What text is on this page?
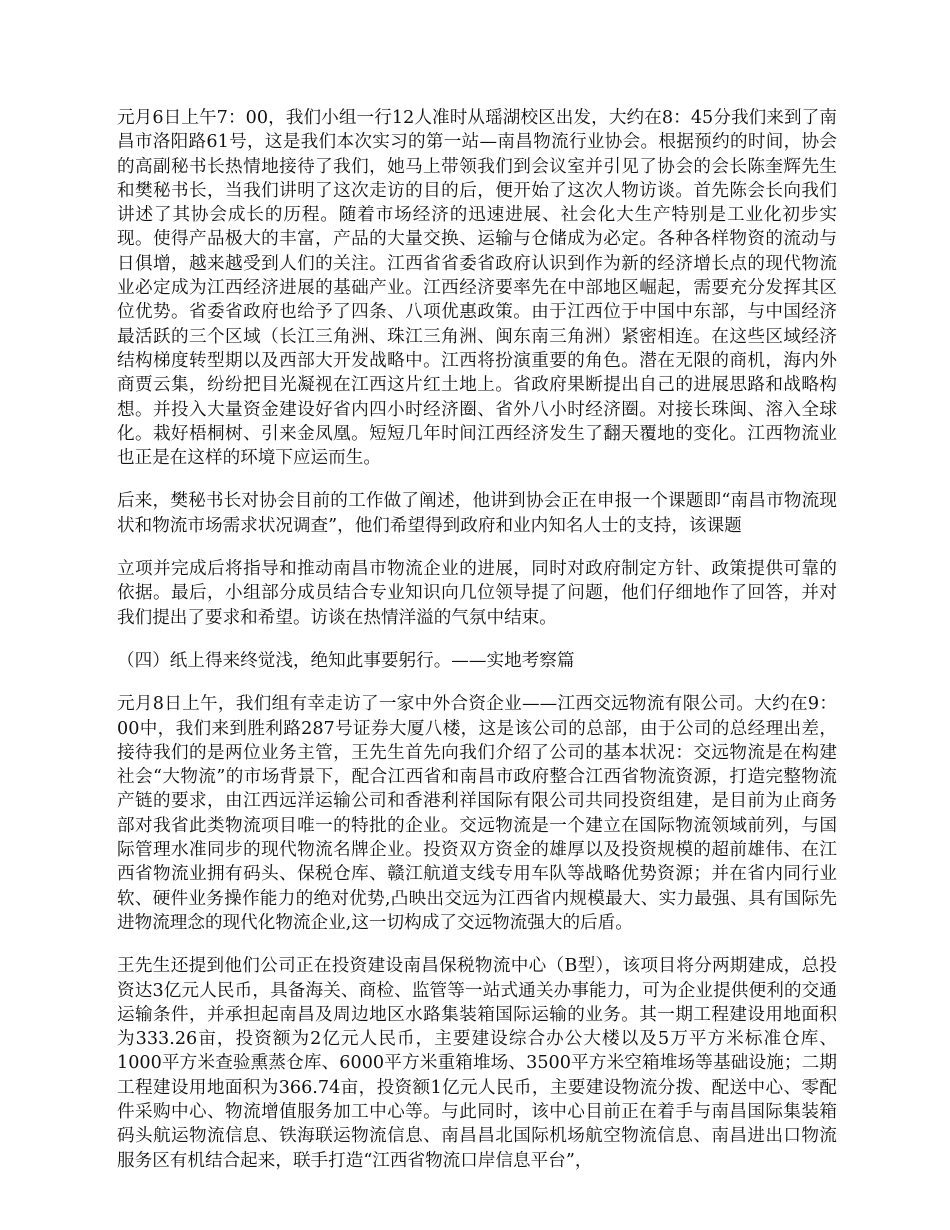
元月6日上午7：00，我们小组一行12人准时从瑶湖校区出发，大约在8：45分我们来到了南昌市洛阳路61号，这是我们本次实习的第一站—南昌物流行业协会。根据预约的时间，协会的高副秘书长热情地接待了我们，她马上带领我们到会议室并引见了协会的会长陈奎辉先生和樊秘书长，当我们讲明了这次走访的目的后，便开始了这次人物访谈。首先陈会长向我们讲述了其协会成长的历程。随着市场经济的迅速进展、社会化大生产特别是工业化初步实现。使得产品极大的丰富，产品的大量交换、运输与仓储成为必定。各种各样物资的流动与日俱增，越来越受到人们的关注。江西省省委省政府认识到作为新的经济增长点的现代物流业必定成为江西经济进展的基础产业。江西经济要率先在中部地区崛起，需要充分发挥其区位优势。省委省政府也给予了四条、八项优惠政策。由于江西位于中国中东部，与中国经济最活跃的三个区域（长江三角洲、珠江三角洲、闽东南三角洲）紧密相连。在这些区域经济结构梯度转型期以及西部大开发战略中。江西将扮演重要的角色。潜在无限的商机，海内外商贾云集，纷纷把目光凝视在江西这片红土地上。省政府果断提出自己的进展思路和战略构想。并投入大量资金建设好省内四小时经济圈、省外八小时经济圈。对接长珠闽、溶入全球化。栽好梧桐树、引来金凤凰。短短几年时间江西经济发生了翻天覆地的变化。江西物流业也正是在这样的环境下应运而生。

后来，樊秘书长对协会目前的工作做了阐述，他讲到协会正在申报一个课题即“南昌市物流现状和物流市场需求状况调查”，他们希望得到政府和业内知名人士的支持，该课题

立项并完成后将指导和推动南昌市物流企业的进展，同时对政府制定方针、政策提供可靠的依据。最后，小组部分成员结合专业知识向几位领导提了问题，他们仔细地作了回答，并对我们提出了要求和希望。访谈在热情洋溢的气氛中结束。

（四）纸上得来终觉浅，绝知此事要躬行。——实地考察篇

元月8日上午，我们组有幸走访了一家中外合资企业——江西交远物流有限公司。大约在9：00中，我们来到胜利路287号证券大厦八楼，这是该公司的总部，由于公司的总经理出差，接待我们的是两位业务主管，王先生首先向我们介绍了公司的基本状况：交远物流是在构建社会“大物流”的市场背景下，配合江西省和南昌市政府整合江西省物流资源，打造完整物流产链的要求，由江西远洋运输公司和香港利祥国际有限公司共同投资组建，是目前为止商务部对我省此类物流项目唯一的特批的企业。交远物流是一个建立在国际物流领域前列，与国际管理水准同步的现代物流名牌企业。投资双方资金的雄厚以及投资规模的超前雄伟、在江西省物流业拥有码头、保税仓库、赣江航道支线专用车队等战略优势资源；并在省内同行业软、硬件业务操作能力的绝对优势,凸映出交远为江西省内规模最大、实力最强、具有国际先进物流理念的现代化物流企业,这一切构成了交远物流强大的后盾。

王先生还提到他们公司正在投资建设南昌保税物流中心（B型），该项目将分两期建成，总投资达3亿元人民币，具备海关、商检、监管等一站式通关办事能力，可为企业提供便利的交通运输条件，并承担起南昌及周边地区水路集装箱国际运输的业务。其一期工程建设用地面积为333.26亩，投资额为2亿元人民币，主要建设综合办公大楼以及5万平方米标准仓库、1000平方米查验熏蒸仓库、6000平方米重箱堆场、3500平方米空箱堆场等基础设施；二期工程建设用地面积为366.74亩，投资额1亿元人民币，主要建设物流分拨、配送中心、零配件采购中心、物流增值服务加工中心等。与此同时，该中心目前正在着手与南昌国际集装箱码头航运物流信息、铁海联运物流信息、南昌昌北国际机场航空物流信息、南昌进出口物流服务区有机结合起来，联手打造“江西省物流口岸信息平台”，
